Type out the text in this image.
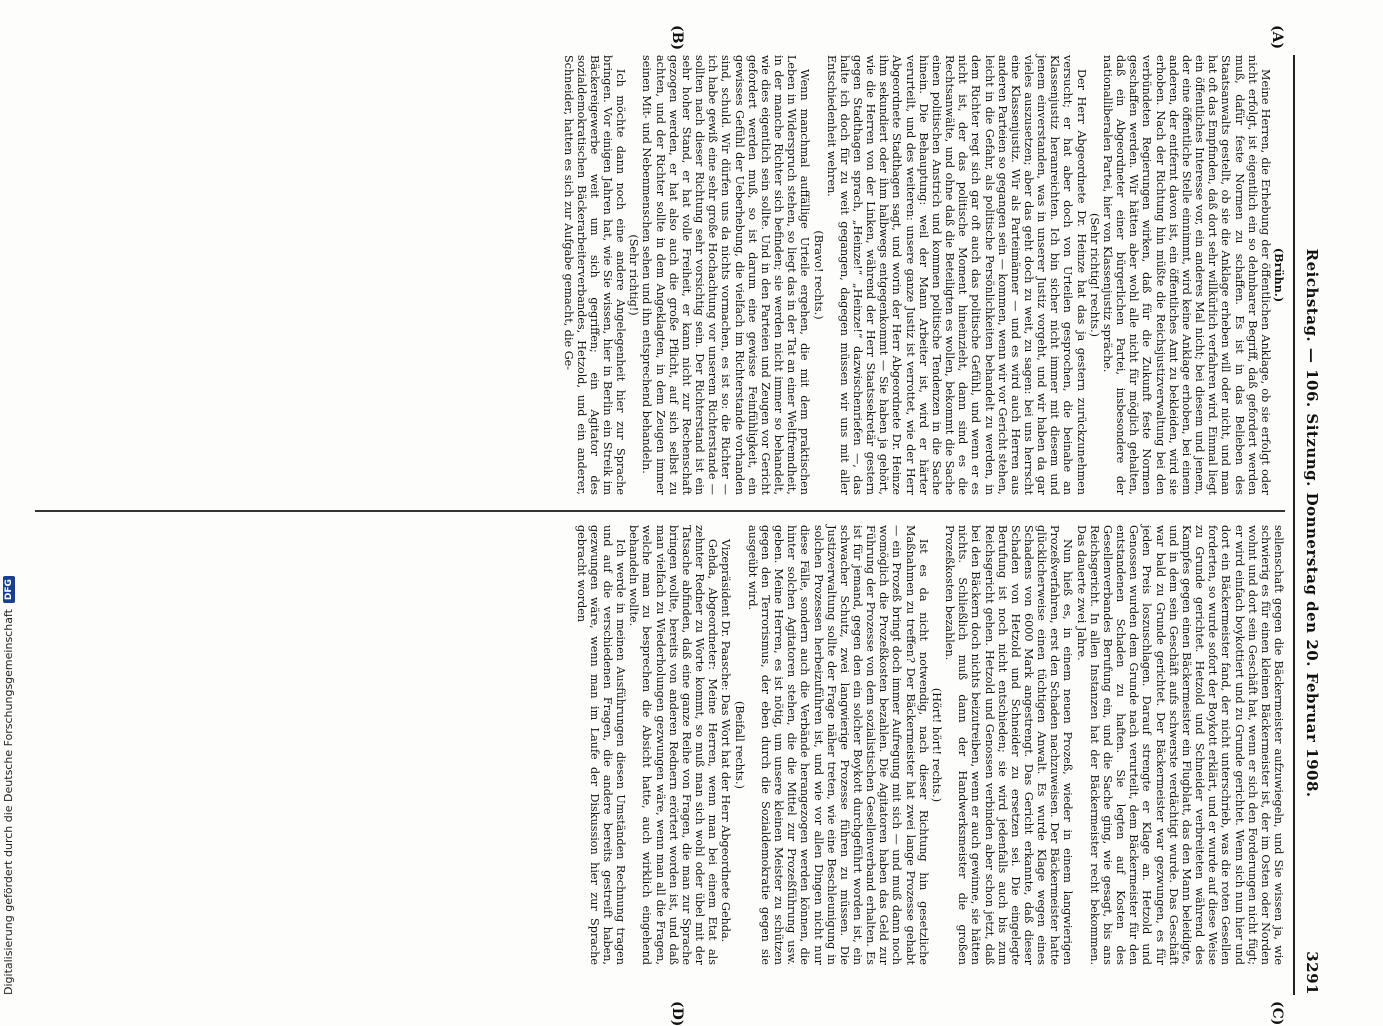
Reichstag. — 106. Sitzung. Donnerstag den 20. Februar 1908.
3291
(A)
(B)
(C)
(D)

(Brühn.)

Meine Herren, die Erhebung der öffentlichen Anklage, ob sie erfolgt oder nicht erfolgt, ist eigentlich ein so dehnbarer Begriff, daß gefordert werden muß, dafür feste Normen zu schaffen. Es ist in das Belieben des Staatsanwalts gestellt, ob sie die Anklage erheben will oder nicht, und man hat oft das Empfinden, daß dort sehr willkürlich verfahren wird. Einmal liegt ein öffentliches Interesse vor, ein anderes Mal nicht; bei diesem und jenem, der eine öffentliche Stelle einnimmt, wird keine Anklage erhoben, bei einem anderen, der entfernt davon ist, ein öffentliches Amt zu bekleiden, wird sie erhoben. Nach der Richtung hin müßte die Reichsjustizverwaltung bei den verbündeten Regierungen wirken, daß für die Zukunft feste Normen geschaffen werden. Wir hätten aber wohl alle nicht für möglich gehalten, daß ein Abgeordneter einer bürgerlichen Partei, insbesondere der nationalliberalen Partei, hier von Klassenjustiz spräche.

(Sehr richtig! rechts.)

Der Herr Abgeordnete Dr. Heinze hat das ja gestern zurückzunehmen versucht; er hat aber doch von Urteilen gesprochen, die beinahe an Klassenjustiz heranreichten. Ich bin sicher nicht immer mit diesem und jenem einverstanden, was in unserer Justiz vorgeht, und wir haben da gar vieles auszusetzen; aber das geht doch zu weit, zu sagen: bei uns herrscht eine Klassenjustiz. Wir als Parteimänner — und es wird auch Herren aus anderen Parteien so gegangen sein — kommen, wenn wir vor Gericht stehen, leicht in die Gefahr, als politische Persönlichkeiten behandelt zu werden, in dem Richter regt sich gar oft auch das politische Gefühl, und wenn er es nicht ist, der das politische Moment hineinzieht, dann sind es die Rechtsanwälte, und ohne daß die Beteiligten es wollen, bekommt die Sache einen politischen Anstrich und kommen politische Tendenzen in die Sache hinein. Die Behauptung: weil der Mann Arbeiter ist, wird er härter verurteilt, und des weiteren: unsere ganze Justiz ist verrottet, wie der Herr Abgeordnete Stadthagen sagt, und worin der Herr Abgeordnete Dr. Heinze ihm sekundiert oder ihm halbwegs entgegenkommt — Sie haben ja gehört, wie die Herren von der Linken, während der Herr Staatssekretär gestern gegen Stadthagen sprach, „Heinze!“ „Heinze!“ dazwischenriefen —, das halte ich doch für zu weit gegangen, dagegen müssen wir uns mit aller Entschiedenheit wehren.

(Bravo! rechts.)

Wenn manchmal auffällige Urteile ergehen, die mit dem praktischen Leben in Widerspruch stehen, so liegt das in der Tat an einer Weltfremdheit, in der manche Richter sich befinden; sie werden nicht immer so behandelt, wie dies eigentlich sein sollte. Und in den Parteien und Zeugen vor Gericht gefordert werden muß, so ist darum eine gewisse Feinfühligkeit, ein gewisses Gefühl der Ueberhebung, die vielfach im Richterstande vorhanden sind, schuld. Wir dürfen uns da nichts vormachen, es ist so: die Richter — ich habe gewiß eine sehr große Hochachtung vor unserem Richterstande — sollten nach dieser Richtung sehr vorsichtig sein. Der Richterstand ist ein sehr hoher Stand, er hat volle Freiheit, er kann nicht zur Rechenschaft gezogen werden, er hat also auch die große Pflicht, auf sich selbst zu achten, und der Richter sollte in dem Angeklagten, in dem Zeugen immer seinen Mit- und Nebenmenschen sehen und ihn entsprechend behandeln.

(Sehr richtig!)

Ich möchte dann noch eine andere Angelegenheit hier zur Sprache bringen. Vor einigen Jahren hat, wie Sie wissen, hier in Berlin ein Streik im Bäckereigewerbe weit um sich gegriffen; ein Agitator des sozialdemokratischen Bäckerarbeiterverbandes, Hetzold, und ein anderer, Schneider, hatten es sich zur Aufgabe gemacht, die Ge-

sellenschaft gegen die Bäckermeister aufzuwiegeln, und Sie wissen ja, wie schwierig es für einen kleinen Bäckermeister ist, der im Osten oder Norden wohnt und dort sein Geschäft hat, wenn er sich den Forderungen nicht fügt; er wird einfach boykottiert und zu Grunde gerichtet. Wenn sich nun hier und dort ein Bäckermeister fand, der nicht unterschrieb, was die roten Gesellen forderten, so wurde sofort der Boykott erklärt, und er wurde auf diese Weise zu Grunde gerichtet. Hetzold und Schneider verbreiteten während des Kampfes gegen einen Bäckermeister ein Flugblatt, das den Mann beleidigte, und in dem sein Geschäft aufs schwerste verdächtigt wurde. Das Geschäft war bald zu Grunde gerichtet. Der Bäckermeister war gezwungen, es für jeden Preis loszuschlagen. Darauf strengte er Klage an. Hetzold und Genossen wurden dem Grunde nach verurteilt, dem Bäckermeister für den entstandenen Schaden zu haften. Sie legten auf Kosten des Gesellenverbandes Berufung ein, und die Sache ging, wie gesagt, bis ans Reichsgericht. In allen Instanzen hat der Bäckermeister recht bekommen. Das dauerte zwei Jahre.

Nun hieß es, in einem neuen Prozeß, wieder in einem langwierigen Prozeßverfahren, erst den Schaden nachzuweisen. Der Bäckermeister hatte glücklicherweise einen tüchtigen Anwalt. Es wurde Klage wegen eines Schadens von 6000 Mark angestrengt. Das Gericht erkannte, daß dieser Schaden von Hetzold und Schneider zu ersetzen sei. Die eingelegte Berufung ist noch nicht entschieden; sie wird jedenfalls auch bis zum Reichsgericht gehen. Hetzold und Genossen verbinden aber schon jetzt, daß bei den Bäckern doch nichts beizutreiben, wenn er auch gewinne, sie hätten nichts. Schließlich muß dann der Handwerksmeister die großen Prozeßkosten bezahlen.

(Hört! hört! rechts.)

Ist es da nicht notwendig, nach dieser Richtung hin gesetzliche Maßnahmen zu treffen? Der Bäckermeister hat zwei lange Prozesse gehabt — ein Prozeß bringt doch immer Aufregung mit sich — und muß dann noch womöglich die Prozeßkosten bezahlen. Die Agitatoren haben das Geld zur Führung der Prozesse von dem sozialistischen Gesellenverband erhalten. Es ist für jemand, gegen den ein solcher Boykott durchgeführt worden ist, ein schwacher Schutz, zwei langwierige Prozesse führen zu müssen. Die Justizverwaltung sollte der Frage näher treten, wie eine Beschleunigung in solchen Prozessen herbeizuführen ist, und wie vor allen Dingen nicht nur diese Fälle, sondern auch die Verbände herangezogen werden können, die hinter solchen Agitatoren stehen, die die Mittel zur Prozeßführung usw. geben. Meine Herren, es ist nötig, um unsere kleinen Meister zu schützen gegen den Terrorismus, der eben durch die Sozialdemokratie gegen sie ausgeübt wird.

(Beifall rechts.)

Vizepräsident Dr. Paasche: Das Wort hat der Herr Abgeordnete Gehda.

Gehda, Abgeordneter: Meine Herren, wenn man bei einem Etat als zehnter Redner zu Worte kommt, so muß man sich wohl oder übel mit der Tatsache abfinden, daß eine ganze Reihe von Fragen, die man zur Sprache bringen wollte, bereits von anderen Rednern erörtert worden ist, und daß man vielfach zu Wiederholungen gezwungen wäre, wenn man all die Fragen, welche man zu besprechen die Absicht hatte, auch wirklich eingehend behandeln wollte.

Ich werde in meinen Ausführungen diesen Umständen Rechnung tragen und auf die verschiedenen Fragen, die andere bereits gestreift haben, gezwungen wäre, wenn man im Laufe der Diskussion hier zur Sprache gebracht worden

Digitalisierung gefördert durch die Deutsche Forschungsgemeinschaft
DFG
